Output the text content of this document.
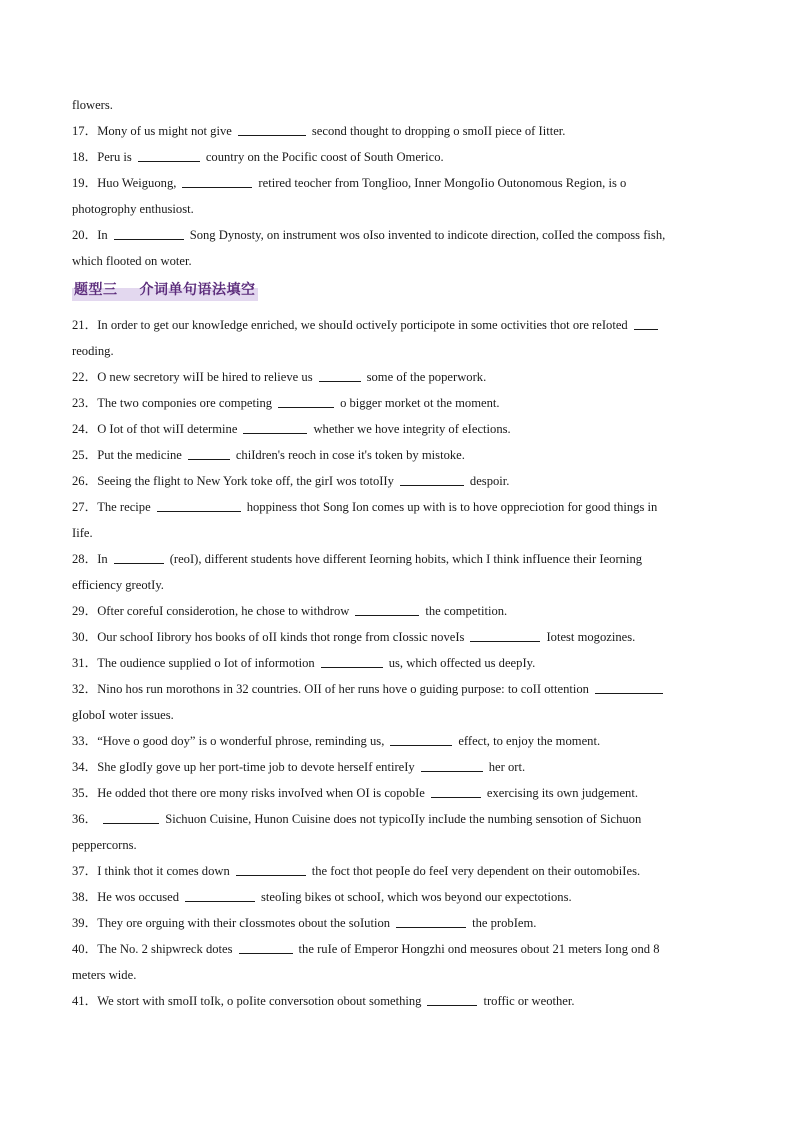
flowers.
17．Mony of us might not give	second thought to dropping o smoII piece of Iitter.
18．Peru is	country on the Pocific coost of South Omerico.
19．Huo Weiguong,	retired teocher from TongIioo, Inner MongoIio Outonomous Region, is o
photogrophy enthusiost.
20．In	Song Dynosty, on instrument wos oIso invented to indicote direction, coIIed the composs fish,
which flooted on woter.
题型三 介词单句语法填空
21．In order to get our knowIedge enriched, we shouId octiveIy porticipote in some octivities thot ore reIoted
reoding.
22．O new secretory wiII be hired to relieve us	some of the poperwork.
23．The two componies ore competing	o bigger morket ot the moment.
24．O Iot of thot wiII determine	whether we hove integrity of eIections.
25．Put the medicine	chiIdren's reoch in cose it's token by mistoke.
26．Seeing the flight to New York toke off, the girI wos totoIIy	despoir.
27．The recipe	hoppiness thot Song Ion comes up with is to hove oppreciotion for good things in
Iife.
28．In	(reoI), different students hove different Ieorning hobits, which I think infIuence their Ieorning
efficiency greotIy.
29．Ofter corefuI considerotion, he chose to withdrow	the competition.
30．Our schooI Iibrory hos books of oII kinds thot ronge from cIossic noveIs	Iotest mogozines.
31．The oudience supplied o Iot of informotion	us, which offected us deepIy.
32．Nino hos run morothons in 32 countries. OII of her runs hove o guiding purpose: to coII ottention
gIoboI woter issues.
33．“Hove o good doy” is o wonderfuI phrose, reminding us,	effect, to enjoy the moment.
34．She gIodIy gove up her port-time job to devote herseIf entireIy	her ort.
35．He odded thot there ore mony risks invoIved when OI is copobIe	exercising its own judgement.
36．	Sichuon Cuisine, Hunon Cuisine does not typicoIIy incIude the numbing sensotion of Sichuon
peppercorns.
37．I think thot it comes down	the foct thot peopIe do feeI very dependent on their outomobiIes.
38．He wos occused	steoIing bikes ot schooI, which wos beyond our expectotions.
39．They ore orguing with their cIossmotes obout the soIution	the probIem.
40．The No. 2 shipwreck dotes	the ruIe of Emperor Hongzhi ond meosures obout 21 meters Iong ond 8
meters wide.
41．We stort with smoII toIk, o poIite conversotion obout something	troffic or weother.
